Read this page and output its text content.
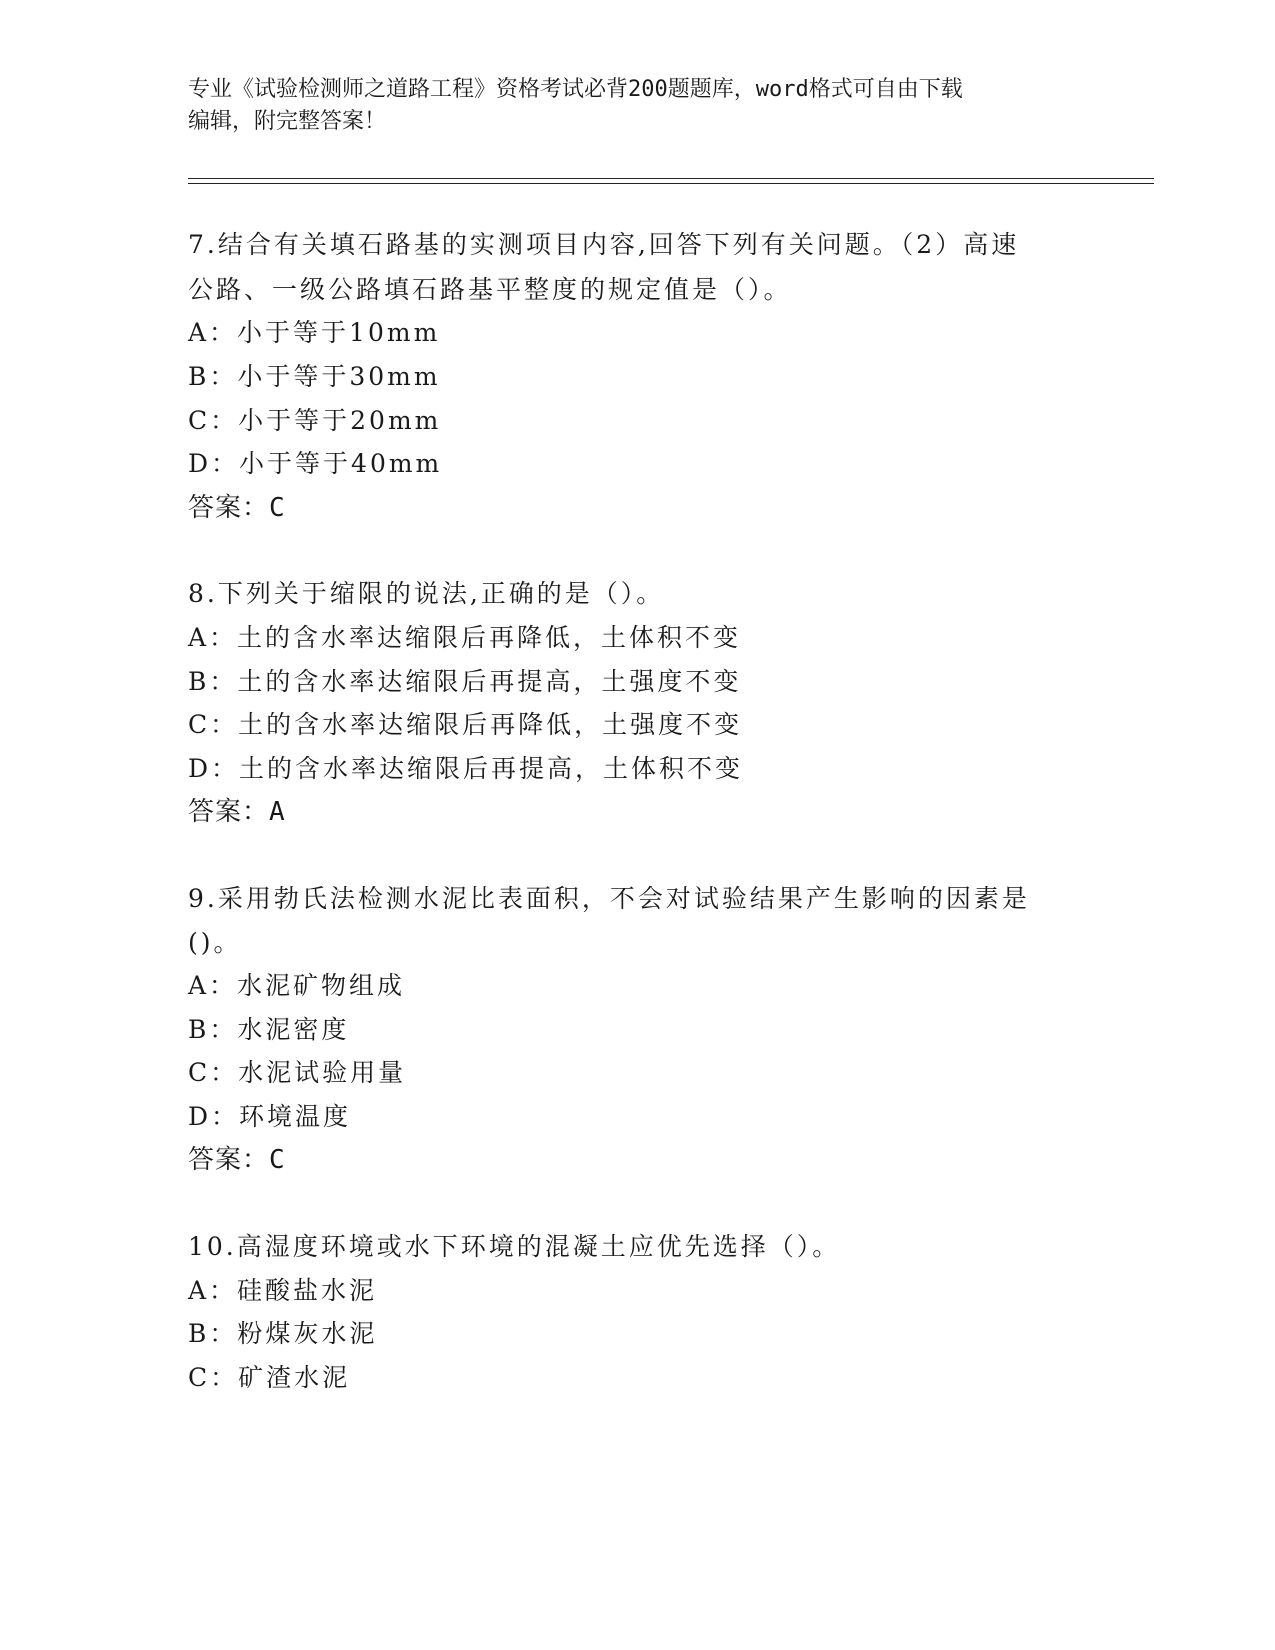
专业《试验检测师之道路工程》资格考试必背200题题库，word格式可自由下载
编辑，附完整答案！
7.结合有关填石路基的实测项目内容,回答下列有关问题。（2）高速
公路、一级公路填石路基平整度的规定值是（）。
A：小于等于10mm
B：小于等于30mm
C：小于等于20mm
D：小于等于40mm
答案：C
8.下列关于缩限的说法,正确的是（）。
A：土的含水率达缩限后再降低，土体积不变
B：土的含水率达缩限后再提高，土强度不变
C：土的含水率达缩限后再降低，土强度不变
D：土的含水率达缩限后再提高，土体积不变
答案：A
9.采用勃氏法检测水泥比表面积，不会对试验结果产生影响的因素是
()。
A：水泥矿物组成
B：水泥密度
C：水泥试验用量
D：环境温度
答案：C
10.高湿度环境或水下环境的混凝土应优先选择（）。
A：硅酸盐水泥
B：粉煤灰水泥
C：矿渣水泥
